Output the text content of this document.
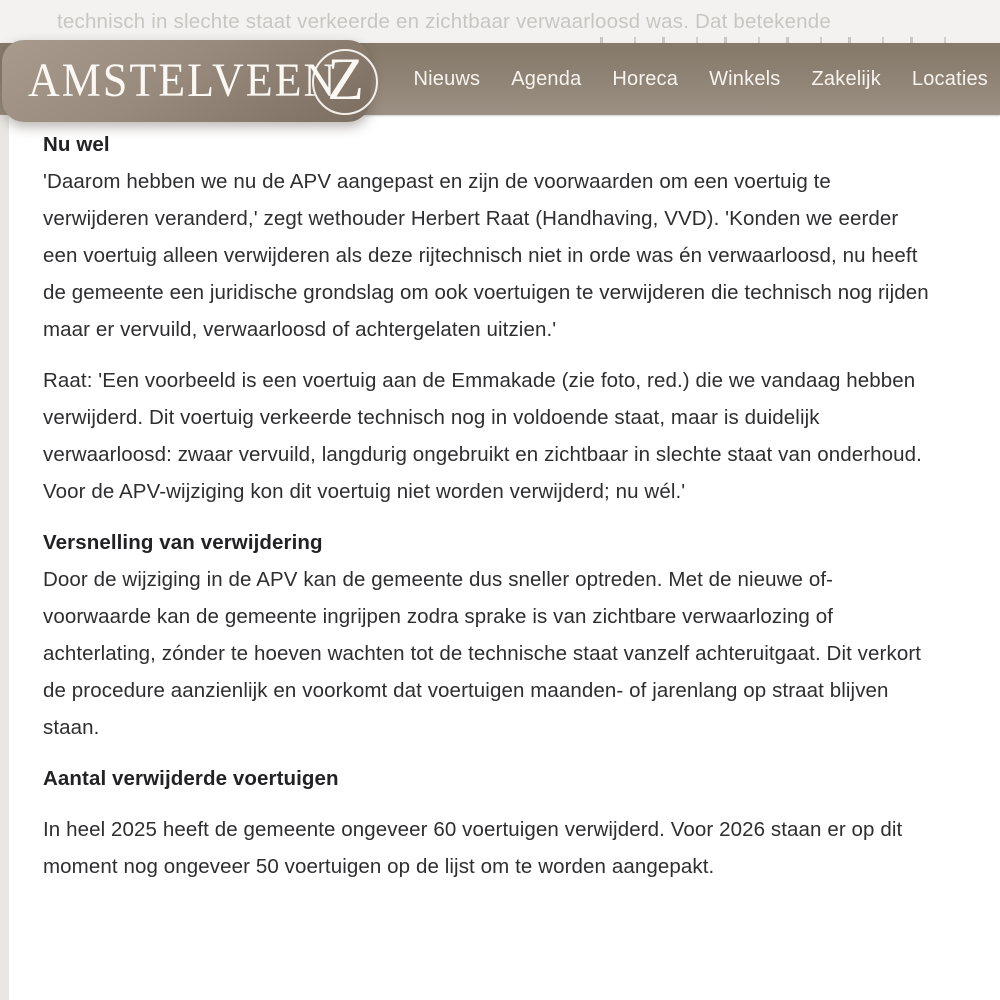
technisch in slechte staat verkeerde en zichtbaar verwaarloosd was. Dat betekende
Nieuws Agenda Horeca Winkels Zakelijk Locaties
AMSTELVEEN
Z

Nu wel
'Daarom hebben we nu de APV aangepast en zijn de voorwaarden om een voertuig te verwijderen veranderd,' zegt wethouder Herbert Raat (Handhaving, VVD). 'Konden we eerder een voertuig alleen verwijderen als deze rijtechnisch niet in orde was én verwaarloosd, nu heeft de gemeente een juridische grondslag om ook voertuigen te verwijderen die technisch nog rijden maar er vervuild, verwaarloosd of achtergelaten uitzien.'

Raat: 'Een voorbeeld is een voertuig aan de Emmakade (zie foto, red.) die we vandaag hebben verwijderd. Dit voertuig verkeerde technisch nog in voldoende staat, maar is duidelijk verwaarloosd: zwaar vervuild, langdurig ongebruikt en zichtbaar in slechte staat van onderhoud. Voor de APV-wijziging kon dit voertuig niet worden verwijderd; nu wél.'

Versnelling van verwijdering
Door de wijziging in de APV kan de gemeente dus sneller optreden. Met de nieuwe of-voorwaarde kan de gemeente ingrijpen zodra sprake is van zichtbare verwaarlozing of achterlating, zónder te hoeven wachten tot de technische staat vanzelf achteruitgaat. Dit verkort de procedure aanzienlijk en voorkomt dat voertuigen maanden- of jarenlang op straat blijven staan.

Aantal verwijderde voertuigen

In heel 2025 heeft de gemeente ongeveer 60 voertuigen verwijderd. Voor 2026 staan er op dit moment nog ongeveer 50 voertuigen op de lijst om te worden aangepakt.
